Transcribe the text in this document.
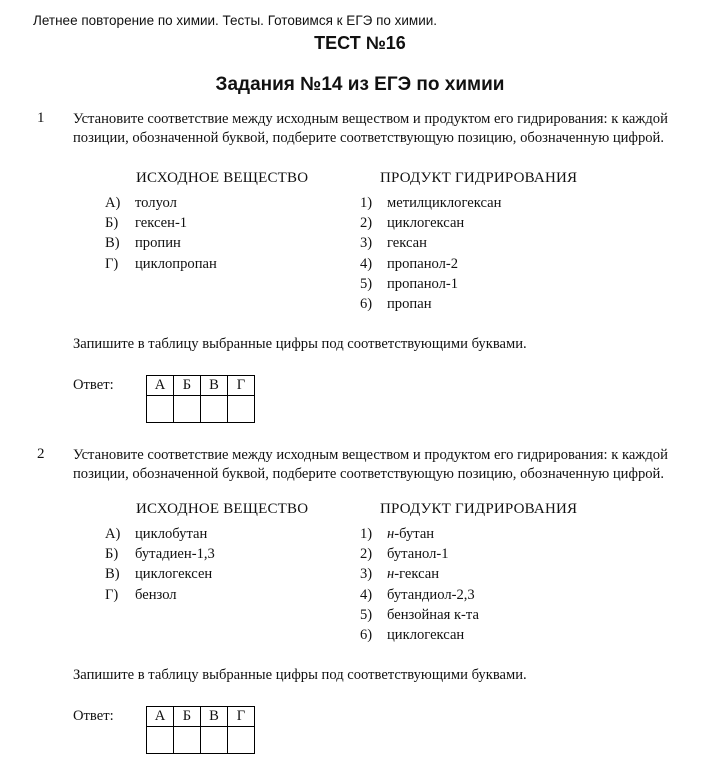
Летнее повторение по химии. Тесты. Готовимся к ЕГЭ по химии.
ТЕСТ №16
Задания №14 из ЕГЭ по химии
1 Установите соответствие между исходным веществом и продуктом его гидрирования: к каждой позиции, обозначенной буквой, подберите соответствующую позицию, обозначенную цифрой.
ИСХОДНОЕ ВЕЩЕСТВО	ПРОДУКТ ГИДРИРОВАНИЯ
А) толуол
Б) гексен-1
В) пропин
Г) циклопропан
1) метилциклогексан
2) циклогексан
3) гексан
4) пропанол-2
5) пропанол-1
6) пропан
Запишите в таблицу выбранные цифры под соответствующими буквами.
Ответ:	А	Б	В	Г

2 Установите соответствие между исходным веществом и продуктом его гидрирования: к каждой позиции, обозначенной буквой, подберите соответствующую позицию, обозначенную цифрой.
ИСХОДНОЕ ВЕЩЕСТВО	ПРОДУКТ ГИДРИРОВАНИЯ
А) циклобутан
Б) бутадиен-1,3
В) циклогексен
Г) бензол
1) н-бутан
2) бутанол-1
3) н-гексан
4) бутандиол-2,3
5) бензойная к-та
6) циклогексан
Запишите в таблицу выбранные цифры под соответствующими буквами.
Ответ:	А	Б	В	Г
